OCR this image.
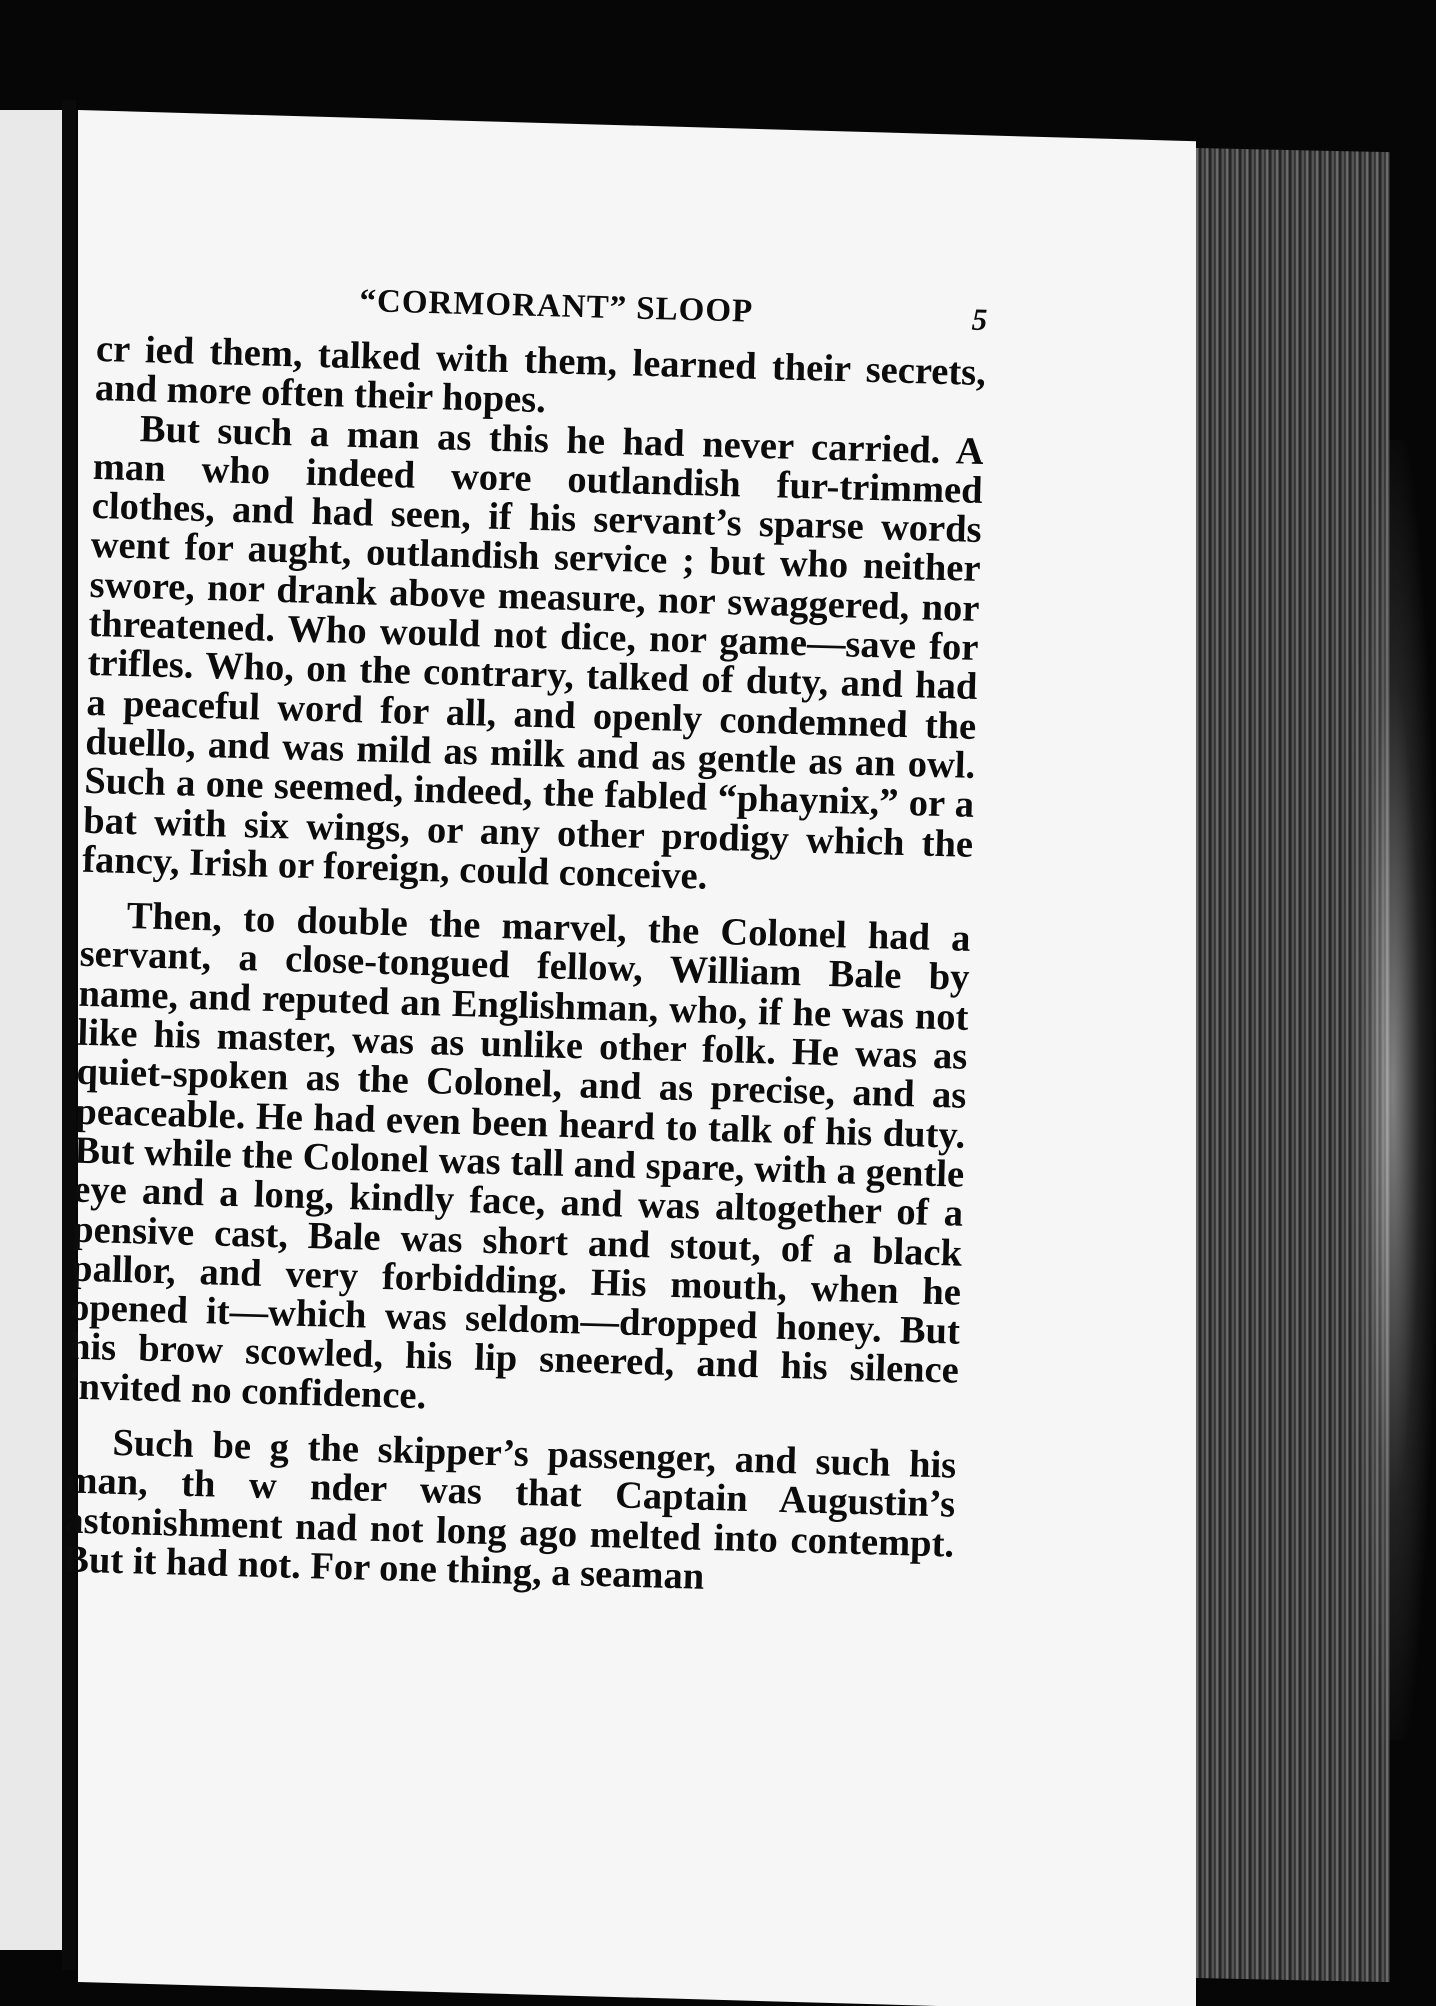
“CORMORANT” SLOOP	5

cr ied them, talked with them, learned their secrets, and more often their hopes.

But such a man as this he had never carried. A man who indeed wore outlandish fur-trimmed clothes, and had seen, if his servant’s sparse words went for aught, outlandish service ; but who neither swore, nor drank above measure, nor swaggered, nor threatened. Who would not dice, nor game—save for trifles. Who, on the contrary, talked of duty, and had a peaceful word for all, and openly condemned the duello, and was mild as milk and as gentle as an owl. Such a one seemed, indeed, the fabled “phaynix,” or a bat with six wings, or any other prodigy which the fancy, Irish or foreign, could conceive.

Then, to double the marvel, the Colonel had a servant, a close-tongued fellow, William Bale by name, and reputed an Englishman, who, if he was not like his master, was as unlike other folk. He was as quiet-spoken as the Colonel, and as precise, and as peaceable. He had even been heard to talk of his duty. But while the Colonel was tall and spare, with a gentle eye and a long, kindly face, and was altogether of a pensive cast, Bale was short and stout, of a black pallor, and very forbidding. His mouth, when he opened it—which was seldom—dropped honey. But his brow scowled, his lip sneered, and his silence invited no confidence.

Such be g the skipper’s passenger, and such his man, th w nder was that Captain Augustin’s astonishment nad not long ago melted into contempt. But it had not. For one thing, a seaman
